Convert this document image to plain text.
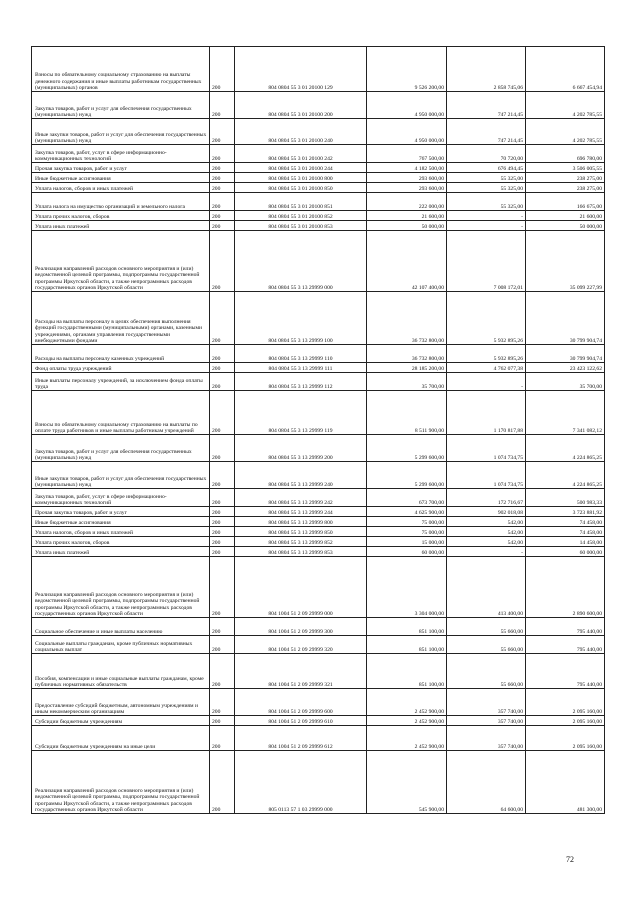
Взносы по обязательному социальному страхованию на выплаты денежного содержания и иные выплаты работникам государственных (муниципальных) органов	200	804 0804 55 3 01 20100 129	9 526 200,00	2 858 745,06	6 667 454,94
Закупка товаров, работ и услуг для обеспечения государственных (муниципальных) нужд	200	804 0804 55 3 01 20100 200	4 950 000,00	747 214,45	4 202 785,55
Иные закупки товаров, работ и услуг для обеспечения государственных (муниципальных) нужд	200	804 0804 55 3 01 20100 240	4 950 000,00	747 214,45	4 202 785,55
Закупка товаров, работ, услуг в сфере информационно-коммуникационных технологий	200	804 0804 55 3 01 20100 242	767 500,00	70 720,00	696 780,00
Прочая закупка товаров, работ и услуг	200	804 0804 55 3 01 20100 244	4 182 500,00	676 494,45	3 506 005,55
Иные бюджетные ассигнования	200	804 0804 55 3 01 20100 800	293 600,00	55 325,00	238 275,00
Уплата налогов, сборов и иных платежей	200	804 0804 55 3 01 20100 850	293 600,00	55 325,00	238 275,00
Уплата налога на имущество организаций и земельного налога	200	804 0804 55 3 01 20100 851	222 000,00	55 325,00	166 675,00
Уплата прочих налогов, сборов	200	804 0804 55 3 01 20100 852	21 600,00	-	21 600,00
Уплата иных платежей	200	804 0804 55 3 01 20100 853	50 000,00	-	50 000,00
Реализация направлений расходов основного мероприятия и (или) ведомственной целевой программы, подпрограммы государственной программы Иркутской области, а также непрограммных расходов государственных органов Иркутской области	200	804 0804 55 3 13 29999 000	42 107 400,00	7 008 172,01	35 099 227,99
Расходы на выплаты персоналу в целях обеспечения выполнения функций государственными (муниципальными) органами, казенными учреждениями, органами управления государственными внебюджетными фондами	200	804 0804 55 3 13 29999 100	36 732 800,00	5 932 895,26	30 799 904,74
Расходы на выплаты персоналу казенных учреждений	200	804 0804 55 3 13 29999 110	36 732 800,00	5 932 895,26	30 799 904,74
Фонд оплаты труда учреждений	200	804 0804 55 3 13 29999 111	28 185 200,00	4 762 077,38	23 423 122,62
Иные выплаты персоналу учреждений, за исключением фонда оплаты труда	200	804 0804 55 3 13 29999 112	35 700,00	-	35 700,00
Взносы по обязательному социальному страхованию на выплаты по оплате труда работников и иные выплаты работникам учреждений	200	804 0804 55 3 13 29999 119	8 511 900,00	1 170 817,88	7 341 082,12
Закупка товаров, работ и услуг для обеспечения государственных (муниципальных) нужд	200	804 0804 55 3 13 29999 200	5 299 600,00	1 074 734,75	4 224 865,25
Иные закупки товаров, работ и услуг для обеспечения государственных (муниципальных) нужд	200	804 0804 55 3 13 29999 240	5 299 600,00	1 074 734,75	4 224 865,25
Закупка товаров, работ, услуг в сфере информационно-коммуникационных технологий	200	804 0804 55 3 13 29999 242	673 700,00	172 716,67	500 983,33
Прочая закупка товаров, работ и услуг	200	804 0804 55 3 13 29999 244	4 625 900,00	902 018,08	3 723 881,92
Иные бюджетные ассигнования	200	804 0804 55 3 13 29999 800	75 000,00	542,00	74 458,00
Уплата налогов, сборов и иных платежей	200	804 0804 55 3 13 29999 850	75 000,00	542,00	74 458,00
Уплата прочих налогов, сборов	200	804 0804 55 3 13 29999 852	15 000,00	542,00	14 458,00
Уплата иных платежей	200	804 0804 55 3 13 29999 853	60 000,00	-	60 000,00
Реализация направлений расходов основного мероприятия и (или) ведомственной целевой программы, подпрограммы государственной программы Иркутской области, а также непрограммных расходов государственных органов Иркутской области	200	804 1004 51 2 09 29999 000	3 304 000,00	413 400,00	2 890 600,00
Социальное обеспечение и иные выплаты населению	200	804 1004 51 2 09 29999 300	851 100,00	55 660,00	795 440,00
Социальные выплаты гражданам, кроме публичных нормативных социальных выплат	200	804 1004 51 2 09 29999 320	851 100,00	55 660,00	795 440,00
Пособия, компенсации и иные социальные выплаты гражданам, кроме публичных нормативных обязательств	200	804 1004 51 2 09 29999 321	851 100,00	55 660,00	795 440,00
Предоставление субсидий бюджетным, автономным учреждениям и иным некоммерческим организациям	200	804 1004 51 2 09 29999 600	2 452 900,00	357 740,00	2 095 160,00
Субсидии бюджетным учреждениям	200	804 1004 51 2 09 29999 610	2 452 900,00	357 740,00	2 095 160,00
Субсидии бюджетным учреждениям на иные цели	200	804 1004 51 2 09 29999 612	2 452 900,00	357 740,00	2 095 160,00
Реализация направлений расходов основного мероприятия и (или) ведомственной целевой программы, подпрограммы государственной программы Иркутской области, а также непрограммных расходов государственных органов Иркутской области	200	805 0113 57 1 03 29999 000	545 900,00	64 600,00	481 300,00
72
